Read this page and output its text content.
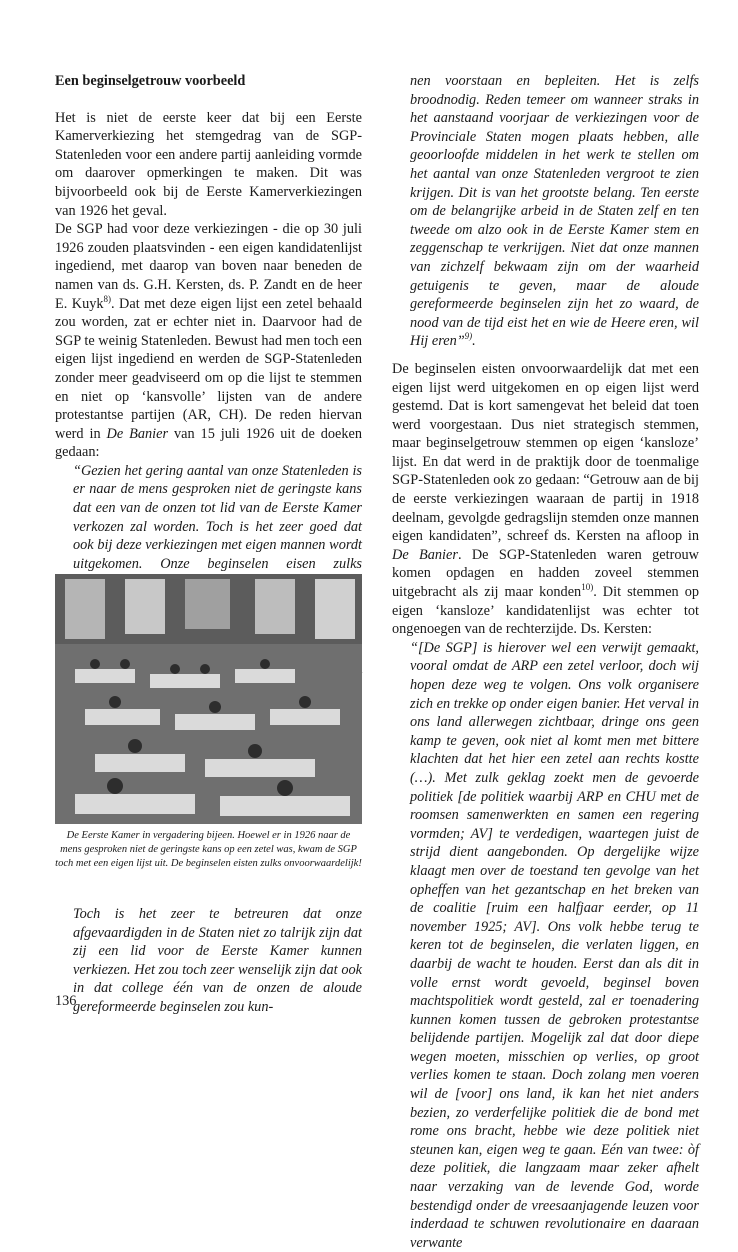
Een beginselgetrouw voorbeeld

Het is niet de eerste keer dat bij een Eerste Kamerverkiezing het stemgedrag van de SGP-Statenleden voor een andere partij aanleiding vormde om daarover opmerkingen te maken. Dit was bijvoorbeeld ook bij de Eerste Kamerverkiezingen van 1926 het geval.

De SGP had voor deze verkiezingen - die op 30 juli 1926 zouden plaatsvinden - een eigen kandidatenlijst ingediend, met daarop van boven naar beneden de namen van ds. G.H. Kersten, ds. P. Zandt en de heer E. Kuyk$^{8)}$. Dat met deze eigen lijst een zetel behaald zou worden, zat er echter niet in. Daarvoor had de SGP te weinig Statenleden. Bewust had men toch een eigen lijst ingediend en werden de SGP-Statenleden zonder meer geadviseerd om op die lijst te stemmen en niet op ‘kansvolle’ lijsten van de andere protestantse partijen (AR, CH). De reden hiervan werd in De Banier van 15 juli 1926 uit de doeken gedaan:

“Gezien het gering aantal van onze Statenleden is er naar de mens gesproken niet de geringste kans dat een van de onzen tot lid van de Eerste Kamer verkozen zal worden. Toch is het zeer goed dat ook bij deze verkiezingen met eigen mannen wordt uitgekomen. Onze beginselen eisen zulks

De Eerste Kamer in vergadering bijeen. Hoewel er in 1926 naar de mens gesproken niet de geringste kans op een zetel was, kwam de SGP toch met een eigen lijst uit. De beginselen eisten zulks onvoorwaardelijk!

Toch is het zeer te betreuren dat onze afgevaardigden in de Staten niet zo talrijk zijn dat zij een lid voor de Eerste Kamer kunnen verkiezen. Het zou toch zeer wenselijk zijn dat ook in dat college één van de onzen de aloude gereformeerde beginselen zou kun-

nen voorstaan en bepleiten. Het is zelfs broodnodig. Reden temeer om wanneer straks in het aanstaand voorjaar de verkiezingen voor de Provinciale Staten mogen plaats hebben, alle geoorloofde middelen in het werk te stellen om het aantal van onze Statenleden vergroot te zien krijgen. Dit is van het grootste belang. Ten eerste om de belangrijke arbeid in de Staten zelf en ten tweede om alzo ook in de Eerste Kamer stem en zeggenschap te verkrijgen. Niet dat onze mannen van zichzelf bekwaam zijn om der waarheid getuigenis te geven, maar de aloude gereformeerde beginselen zijn het zo waard, de nood van de tijd eist het en wie de Heere eren, wil Hij eren”$^{9)}$.

De beginselen eisten onvoorwaardelijk dat met een eigen lijst werd uitgekomen en op eigen lijst werd gestemd. Dat is kort samengevat het beleid dat toen werd voorgestaan. Dus niet strategisch stemmen, maar beginselgetrouw stemmen op eigen ‘kansloze’ lijst. En dat werd in de praktijk door de toenmalige SGP-Statenleden ook zo gedaan: “Getrouw aan de bij de eerste verkiezingen waaraan de partij in 1918 deelnam, gevolgde gedragslijn stemden onze mannen eigen kandidaten”, schreef ds. Kersten na afloop in De Banier. De SGP-Statenleden waren getrouw komen opdagen en hadden zoveel stemmen uitgebracht als zij maar konden$^{10)}$. Dit stemmen op eigen ‘kansloze’ kandidatenlijst was echter tot ongenoegen van de rechterzijde. Ds. Kersten:

“[De SGP] is hierover wel een verwijt gemaakt, vooral omdat de ARP een zetel verloor, doch wij hopen deze weg te volgen. Ons volk organisere zich en trekke op onder eigen banier. Het verval in ons land allerwegen zichtbaar, dringe ons geen kamp te geven, ook niet al komt men met bittere klachten dat het hier een zetel aan rechts kostte (…). Met zulk geklag zoekt men de gevoerde politiek [de politiek waarbij ARP en CHU met de roomsen samenwerkten en samen een regering vormden; AV] te verdedigen, waartegen juist de strijd dient aangebonden. Op dergelijke wijze klaagt men over de toestand ten gevolge van het opheffen van het gezantschap en het breken van de coalitie [ruim een halfjaar eerder, op 11 november 1925; AV]. Ons volk hebbe terug te keren tot de beginselen, die verlaten liggen, en daarbij de wacht te houden. Eerst dan als dit in volle ernst wordt gevoeld, beginsel boven machtspolitiek wordt gesteld, zal er toenadering kunnen komen tussen de gebroken protestantse belijdende partijen. Mogelijk zal dat door diepe wegen moeten, misschien op verlies, op groot verlies komen te staan. Doch zolang men voeren wil de [voor] ons land, ik kan het niet anders bezien, zo verderfelijke politiek die de bond met rome ons bracht, hebbe wie deze politiek niet steunen kan, eigen weg te gaan. Eén van twee: òf deze politiek, die langzaam maar zeker afhelt naar verzaking van de levende God, worde bestendigd onder de vreesaanjagende leuzen voor inderdaad te schuwen revolutionaire en daaraan verwante

136
